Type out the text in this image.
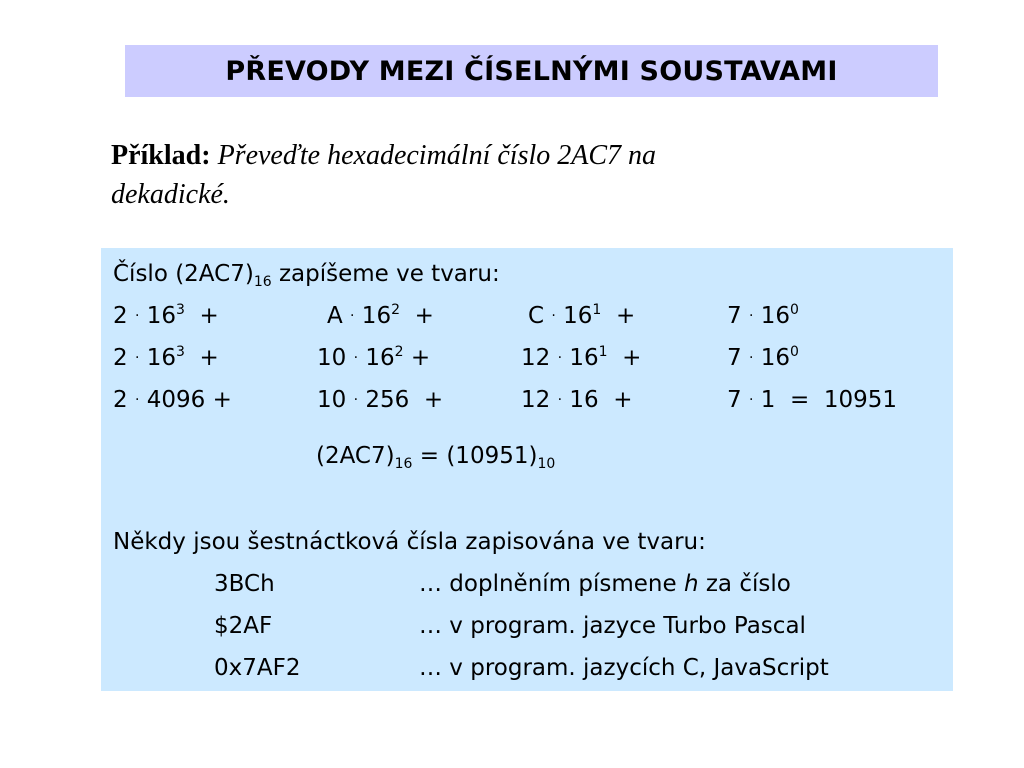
PŘEVODY MEZI ČÍSELNÝMI SOUSTAVAMI
Příklad: Převeďte hexadecimální číslo 2AC7 na
dekadické.
Číslo $(2AC7)_{16}$ zapíšeme ve tvaru:
$2 \cdot 16^3$  +	$A \cdot 16^2$  +	$C \cdot 16^1$  +	$7 \cdot 16^0$
$2 \cdot 16^3$  +	$10 \cdot 16^2$ +	$12 \cdot 16^1$  +	$7 \cdot 16^0$
2 · 4096 +	10 · 256  +	12 · 16  +	7 · 1  =  10951
$(2AC7)_{16} = (10951)_{10}$
Někdy jsou šestnáctková čísla zapisována ve tvaru:
3BCh	… doplněním písmene h za číslo
$2AF	… v program. jazyce Turbo Pascal
0x7AF2	… v program. jazycích C, JavaScript
